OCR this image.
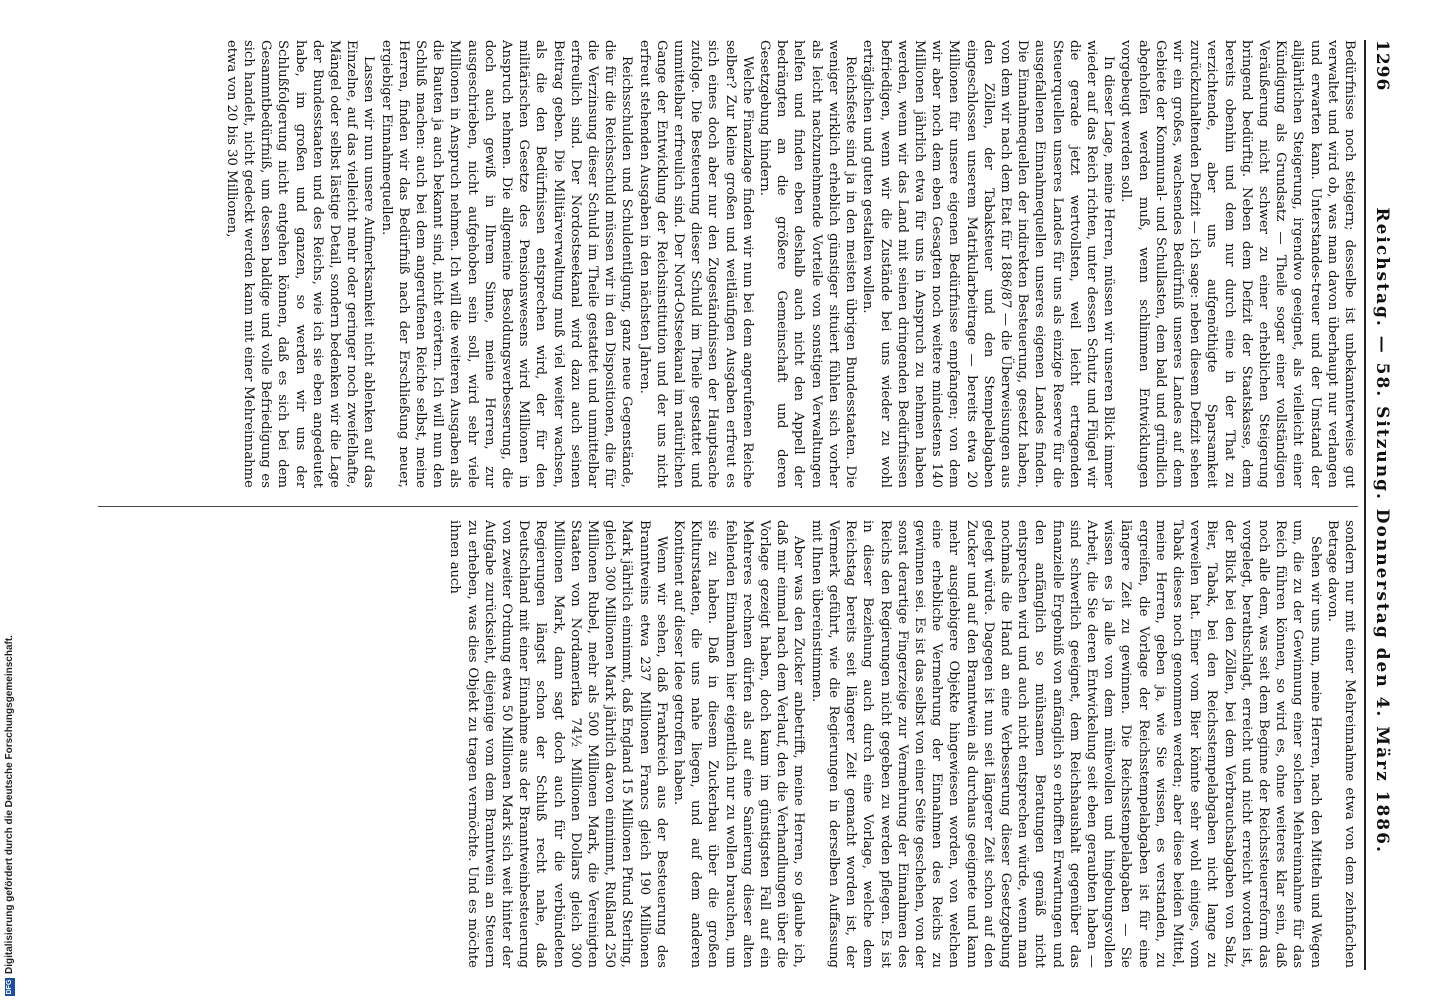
1296
Reichstag. — 58. Sitzung. Donnerstag den 4. März 1886.

Bedürfnisse noch steigern; desselbe ist unbekannterweise gut verwaltet und wird ob, was man davon überhaupt nur verlangen und erwarten kann. Unterstandes-treuer und der Umstand der alljährlichen Steigerung, irgendwo geeignet, als vielleicht einer Kündigung als Grundsatz — Theile sogar einer vollständigen Veräußerung nicht schwer zu einer erheblichen Steigerung bringend bedürftig. Neben dem Defizit der Staatskasse, dem bereits obenhin und dem nur durch eine in der That zu verzichtende, aber uns aufgenöthigte Sparsamkeit zurückzuhaltenden Defizit — ich sage: neben diesem Defizit sehen wir ein großes, wachsendes Bedürfniß unseres Landes auf dem Gebiete der Kommunal- und Schullasten, dem bald und gründlich abgeholfen werden muß, wenn schlimmen Entwicklungen vorgebeugt werden soll.

In dieser Lage, meine Herren, müssen wir unseren Blick immer wieder auf das Reich richten, unter dessen Schutz und Flügel wir die gerade jetzt wertvollsten, weil leicht ertragenden Steuerquellen unseres Landes für uns als einzige Reserve für die ausgefallenen Einnahmequellen unseres eigenen Landes finden. Die Einnahmequellen der indirekten Besteuerung, gesetzt haben, von dem wir nach dem Etat für 1886/87 — die Überweisungen aus den Zöllen, der Tabaksteuer und den Stempelabgaben eingeschlossen unserem Matrikularbeitrage — bereits etwa 20 Millionen für unsere eigenen Bedürfnisse empfangen; von dem wir aber noch dem eben Gesagten noch weitere mindestens 140 Millionen jährlich etwa für uns in Anspruch zu nehmen haben werden, wenn wir das Land mit seinen dringenden Bedürfnissen befriedigen, wenn wir die Zustände bei uns wieder zu wohl erträglichen und guten gestalten wollen.

Reichsfeste sind ja in den meisten übrigen Bundesstaaten. Die weniger wirklich erheblich günstiger situiert fühlen sich vorher als leicht nachzunehmende Vorteile von sonstigen Verwaltungen helfen und finden eben deshalb auch nicht den Appell der bedrängten an die größere Gemeinschaft und deren Gesetzgebung hindern.

Welche Finanzlage finden wir nun bei dem angerufenen Reiche selber? Zur kleine großen und weitläufigen Ausgaben erfreut es sich eines doch aber nur den Zugeständnissen der Hauptsache zufolge. Die Besteuerung dieser Schuld im Theile gestattet und unmittelbar erfreulich sind. Der Nord-Ostseekanal im natürlichen Gange der Entwicklung der Reichsinstitution und der uns nicht erfreut stehenden Ausgaben in den nächsten Jahren.

Reichsschulden und Schuldentilgung, ganz neue Gegenstände, die für die Reichsschuld müssen wir in den Dispositionen, die für die Verzinsung dieser Schuld im Theile gestattet und unmittelbar erfreulich sind. Der Nordostseekanal wird dazu auch seinen Beitrag geben. Die Militärverwaltung muß viel weiter wachsen, als die den Bedürfnissen entsprechen wird, der für den militärischen Gesetze des Pensionswesens wird Millionen in Anspruch nehmen. Die allgemeine Besoldungsverbesserung, die doch auch gewiß in Ihrem Sinne, meine Herren, zur ausgeschrieben, nicht aufgehoben sein soll, wird sehr viele Millionen in Anspruch nehmen. Ich will die weiteren Ausgaben als die Bauten ja auch bekannt sind, nicht erörtern. Ich will nun den Schluß machen: auch bei dem angerufenen Reiche selbst, meine Herren, finden wir das Bedürfniß nach der Erschließung neuer, ergiebiger Einnahmequellen.

Lassen wir nun unsere Aufmerksamkeit nicht ablenken auf das Einzelne, auf das vielleicht mehr oder geringer noch zweifelhafte, Mängel oder selbst lästige Detail, sondern bedenken wir die Lage der Bundesstaaten und des Reichs, wie ich sie eben angedeutet habe, im großen und ganzen, so werden wir uns der Schlußfolgerung nicht entgehen können, daß es sich bei dem Gesammtbedürfniß, um dessen baldige und volle Befriedigung es sich handelt, nicht gedeckt werden kann mit einer Mehreinnahme etwa von 20 bis 30 Millionen,

sondern nur mit einer Mehreinnahme etwa von dem zehnfachen Betrage davon.

Sehen wir uns nun, meine Herren, nach den Mitteln und Wegen um, die zu der Gewinnung einer solchen Mehreinnahme für das Reich führen können, so wird es, ohne weiteres klar sein, daß noch alle dem, was seit dem Beginne der Reichssteuerreform das vorgelegt, berathschlagt, erreicht und nicht erreicht worden ist, der Blick bei den Zöllen, bei dem Verbrauchsabgaben von Salz, Bier, Tabak, bei den Reichsstempelabgaben nicht lange zu verweilen hat. Einer vom Bier könnte sehr wohl einiges, vom Tabak dieses noch genommen werden; aber diese beiden Mittel, meine Herren, geben ja, wie Sie wissen, es verstanden, zu ergreifen, die Vorlage der Reichsstempelabgaben ist für eine längere Zeit zu gewinnen. Die Reichsstempelabgaben — Sie wissen es ja alle von dem mühevollen und hingebungsvollen Arbeit, die Sie deren Entwickelung seit eben geraubten haben — sind schwerlich geeignet, dem Reichshaushalt gegenüber das finanzielle Ergebniß von anfänglich so erhofften Erwartungen und den anfänglich so mühsamen Beratungen gemäß nicht entsprechen wird und auch nicht entsprechen würde, wenn man nochmals die Hand an eine Verbesserung dieser Gesetzgebung gelegt würde. Dagegen ist nun seit längerer Zeit schon auf den Zucker und auf den Branntwein als durchaus geeignete und kann mehr ausgiebigere Objekte hingewiesen worden, von welchen eine erhebliche Vermehrung der Einnahmen des Reichs zu gewinnen sei. Es ist das selbst von einer Seite geschehen, von der sonst derartige Fingerzeige zur Vermehrung der Einnahmen des Reichs den Regierungen nicht gegeben zu werden pflegen. Es ist in dieser Beziehung auch durch eine Vorlage, welche dem Reichstag bereits seit längerer Zeit gemacht worden ist, der Vermerk geführt, wie die Regierungen in derselben Auffassung mit Ihnen übereinstimmen.

Aber was den Zucker anbetrifft, meine Herren, so glaube ich, daß mir einmal nach dem Verlauf, den die Verhandlungen über die Vorlage gezeigt haben, doch kaum im günstigsten Fall auf ein Mehreres rechnen dürfen als auf eine Sanierung dieser alten fehlenden Einnahmen hier eigentlich nur zu wollen brauchen, um sie zu haben. Daß in diesem Zuckerbau über die großen Kulturstaaten, die uns nahe liegen, und auf dem anderen Kontinent auf dieser Idee getroffen haben.

Wenn wir sehen, daß Frankreich aus der Besteuerung des Branntweins etwa 237 Millionen Francs gleich 190 Millionen Mark jährlich einnimmt, daß England 15 Millionen Pfund Sterling, gleich 300 Millionen Mark jährlich davon einnimmt, Rußland 250 Millionen Rubel, mehr als 500 Millionen Mark, die Vereinigten Staaten von Nordamerika 74½ Millionen Dollars gleich 300 Millionen Mark, dann sagt doch auch für die verbündeten Regierungen längst schon der Schluß recht nahe, daß Deutschland mit einer Einnahme aus der Branntweinbesteuerung von zweiter Ordnung etwa 50 Millionen Mark sich weit hinter der Aufgabe zurücksieht, diejenige vom dem Branntwein an Steuern zu erheben, was dies Objekt zu tragen vermöchte. Und es möchte ihnen auch

DFG
Digitalisierung gefördert durch die Deutsche Forschungsgemeinschaft.
